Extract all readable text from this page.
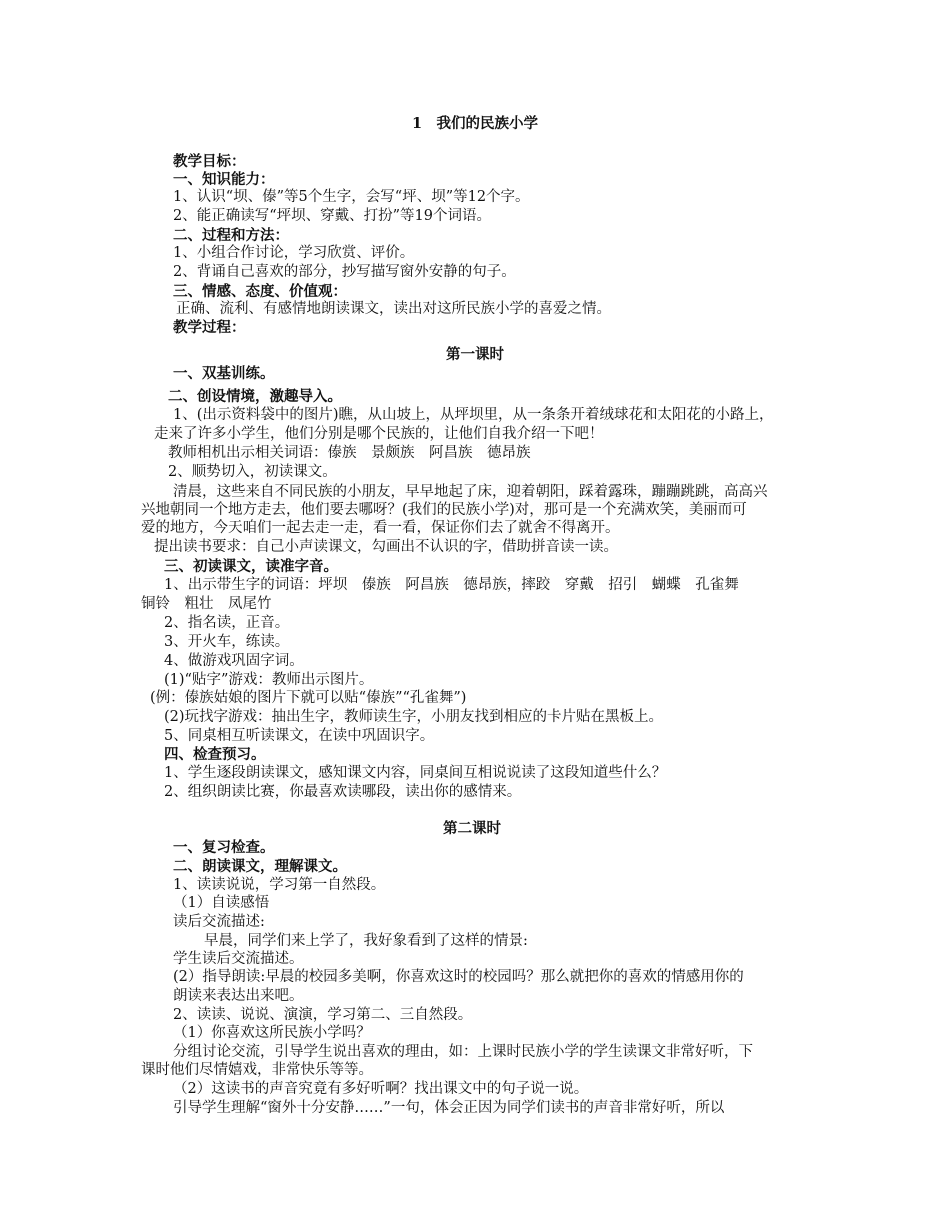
1　我们的民族小学
教学目标：
一、知识能力：
1、认识“坝、傣”等5个生字，会写“坪、坝”等12个字。
2、能正确读写“坪坝、穿戴、打扮”等19个词语。
二、过程和方法：
1、小组合作讨论，学习欣赏、评价。
2、背诵自己喜欢的部分，抄写描写窗外安静的句子。
三、情感、态度、价值观：
正确、流利、有感情地朗读课文，读出对这所民族小学的喜爱之情。
教学过程：
第一课时
一、双基训练。
二、创设情境，激趣导入。
1、(出示资料袋中的图片)瞧，从山坡上，从坪坝里，从一条条开着绒球花和太阳花的小路上，
走来了许多小学生，他们分别是哪个民族的，让他们自我介绍一下吧！
教师相机出示相关词语：傣族　景颇族　阿昌族　德昂族
2、顺势切入，初读课文。
清晨，这些来自不同民族的小朋友，早早地起了床，迎着朝阳，踩着露珠，蹦蹦跳跳，高高兴
兴地朝同一个地方走去，他们要去哪呀？(我们的民族小学)对，那可是一个充满欢笑，美丽而可
爱的地方，今天咱们一起去走一走，看一看，保证你们去了就舍不得离开。
提出读书要求：自己小声读课文，勾画出不认识的字，借助拼音读一读。
三、初读课文，读准字音。
1、出示带生字的词语：坪坝　傣族　阿昌族　德昂族，摔跤　穿戴　招引　蝴蝶　孔雀舞
铜铃　粗壮　凤尾竹
2、指名读，正音。
3、开火车，练读。
4、做游戏巩固字词。
(1)“贴字”游戏：教师出示图片。
(例：傣族姑娘的图片下就可以贴“傣族”“孔雀舞”)
(2)玩找字游戏：抽出生字，教师读生字，小朋友找到相应的卡片贴在黑板上。
5、同桌相互听读课文，在读中巩固识字。
四、检查预习。
1、学生逐段朗读课文，感知课文内容，同桌间互相说说读了这段知道些什么？
2、组织朗读比赛，你最喜欢读哪段，读出你的感情来。
第二课时
一、复习检查。
二、朗读课文，理解课文。
1、读读说说，学习第一自然段。
（1）自读感悟
读后交流描述:
早晨，同学们来上学了，我好象看到了这样的情景:
学生读后交流描述。
(2）指导朗读:早晨的校园多美啊，你喜欢这时的校园吗？那么就把你的喜欢的情感用你的
朗读来表达出来吧。
2、读读、说说、演演，学习第二、三自然段。
（1）你喜欢这所民族小学吗？
分组讨论交流，引导学生说出喜欢的理由，如：上课时民族小学的学生读课文非常好听，下
课时他们尽情嬉戏，非常快乐等等。
（2）这读书的声音究竟有多好听啊？找出课文中的句子说一说。
引导学生理解“窗外十分安静……”一句，体会正因为同学们读书的声音非常好听，所以
